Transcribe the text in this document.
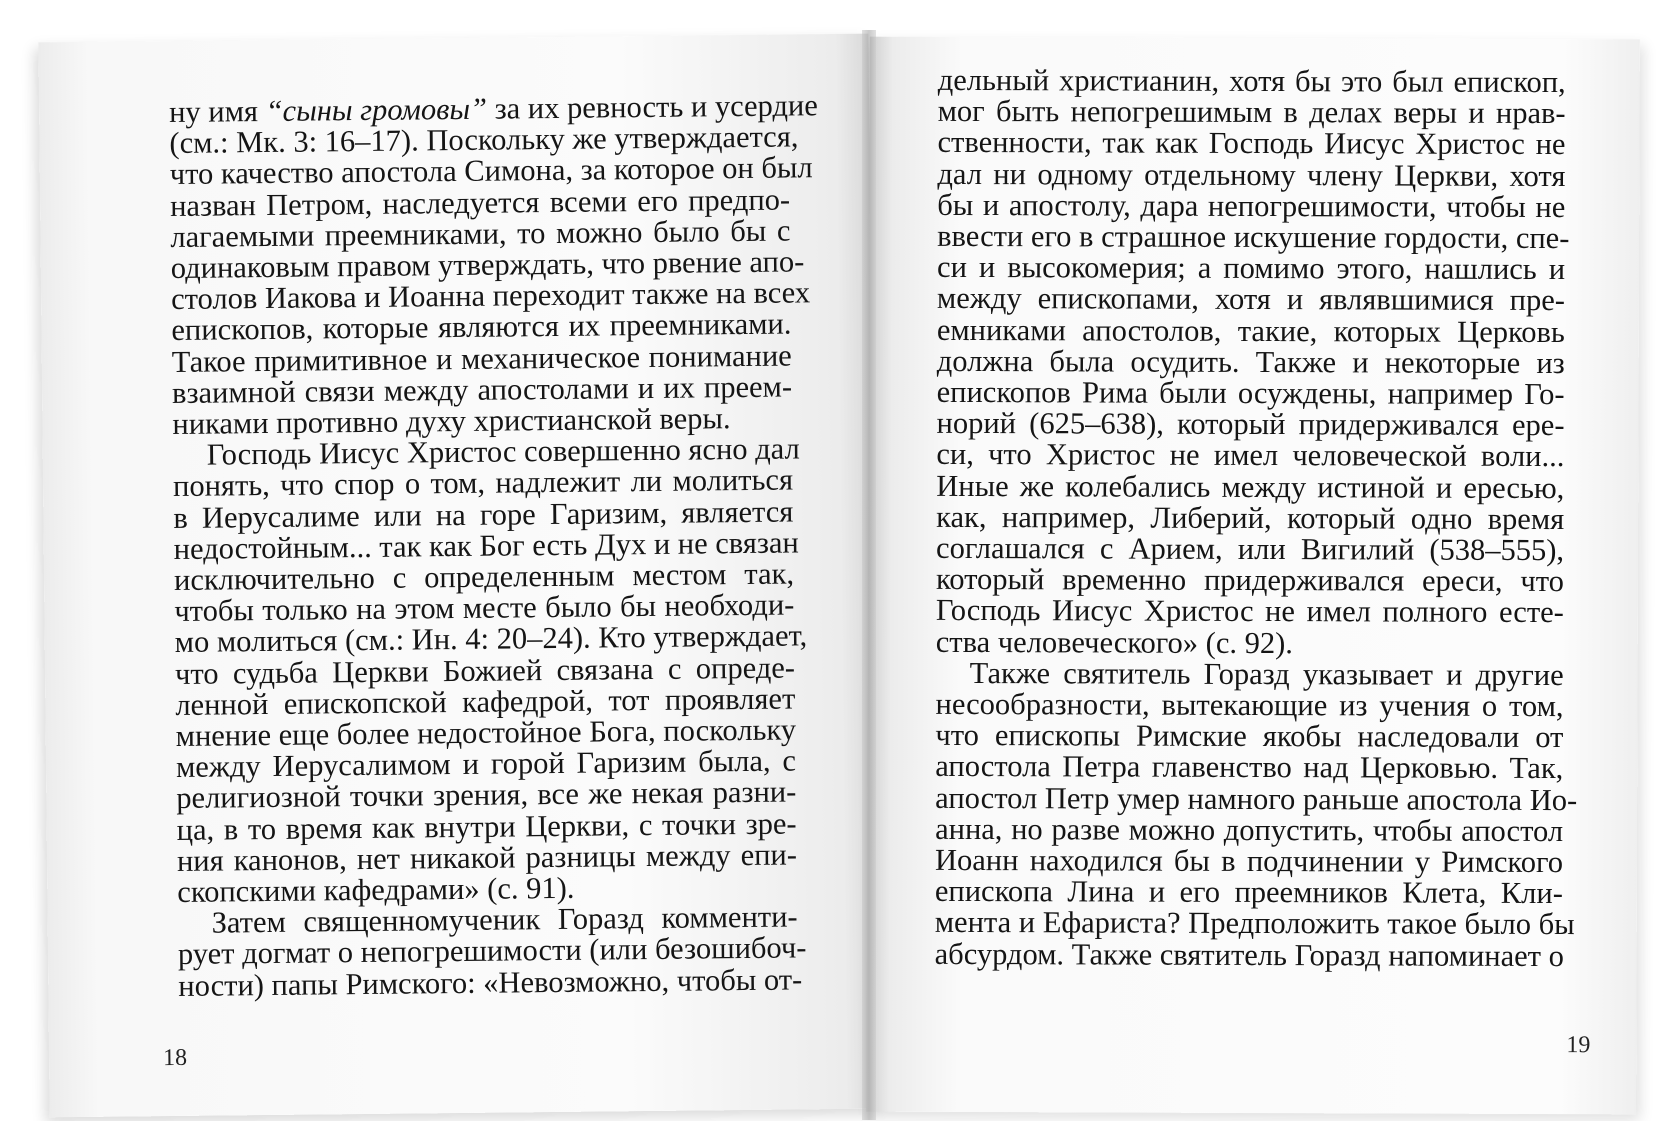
ну имя “сыны громовы” за их ревность и усердие
(см.: Мк. 3: 16–17). Поскольку же утверждается,
что качество апостола Симона, за которое он был
назван Петром, наследуется всеми его предпо-
лагаемыми преемниками, то можно было бы с
одинаковым правом утверждать, что рвение апо-
столов Иакова и Иоанна переходит также на всех
епископов, которые являются их преемниками.
Такое примитивное и механическое понимание
взаимной связи между апостолами и их преем-
никами противно духу христианской веры.
Господь Иисус Христос совершенно ясно дал
понять, что спор о том, надлежит ли молиться
в Иерусалиме или на горе Гаризим, является
недостойным... так как Бог есть Дух и не связан
исключительно с определенным местом так,
чтобы только на этом месте было бы необходи-
мо молиться (см.: Ин. 4: 20–24). Кто утверждает,
что судьба Церкви Божией связана с опреде-
ленной епископской кафедрой, тот проявляет
мнение еще более недостойное Бога, поскольку
между Иерусалимом и горой Гаризим была, с
религиозной точки зрения, все же некая разни-
ца, в то время как внутри Церкви, с точки зре-
ния канонов, нет никакой разницы между епи-
скопскими кафедрами» (с. 91).
Затем священномученик Горазд комменти-
рует догмат о непогрешимости (или безошибоч-
ности) папы Римского: «Невозможно, чтобы от-
18
дельный христианин, хотя бы это был епископ,
мог быть непогрешимым в делах веры и нрав-
ственности, так как Господь Иисус Христос не
дал ни одному отдельному члену Церкви, хотя
бы и апостолу, дара непогрешимости, чтобы не
ввести его в страшное искушение гордости, спе-
си и высокомерия; а помимо этого, нашлись и
между епископами, хотя и являвшимися пре-
емниками апостолов, такие, которых Церковь
должна была осудить. Также и некоторые из
епископов Рима были осуждены, например Го-
норий (625–638), который придерживался ере-
си, что Христос не имел человеческой воли...
Иные же колебались между истиной и ересью,
как, например, Либерий, который одно время
соглашался с Арием, или Вигилий (538–555),
который временно придерживался ереси, что
Господь Иисус Христос не имел полного есте-
ства человеческого» (с. 92).
Также святитель Горазд указывает и другие
несообразности, вытекающие из учения о том,
что епископы Римские якобы наследовали от
апостола Петра главенство над Церковью. Так,
апостол Петр умер намного раньше апостола Ио-
анна, но разве можно допустить, чтобы апостол
Иоанн находился бы в подчинении у Римского
епископа Лина и его преемников Клета, Кли-
мента и Ефариста? Предположить такое было бы
абсурдом. Также святитель Горазд напоминает о
19
